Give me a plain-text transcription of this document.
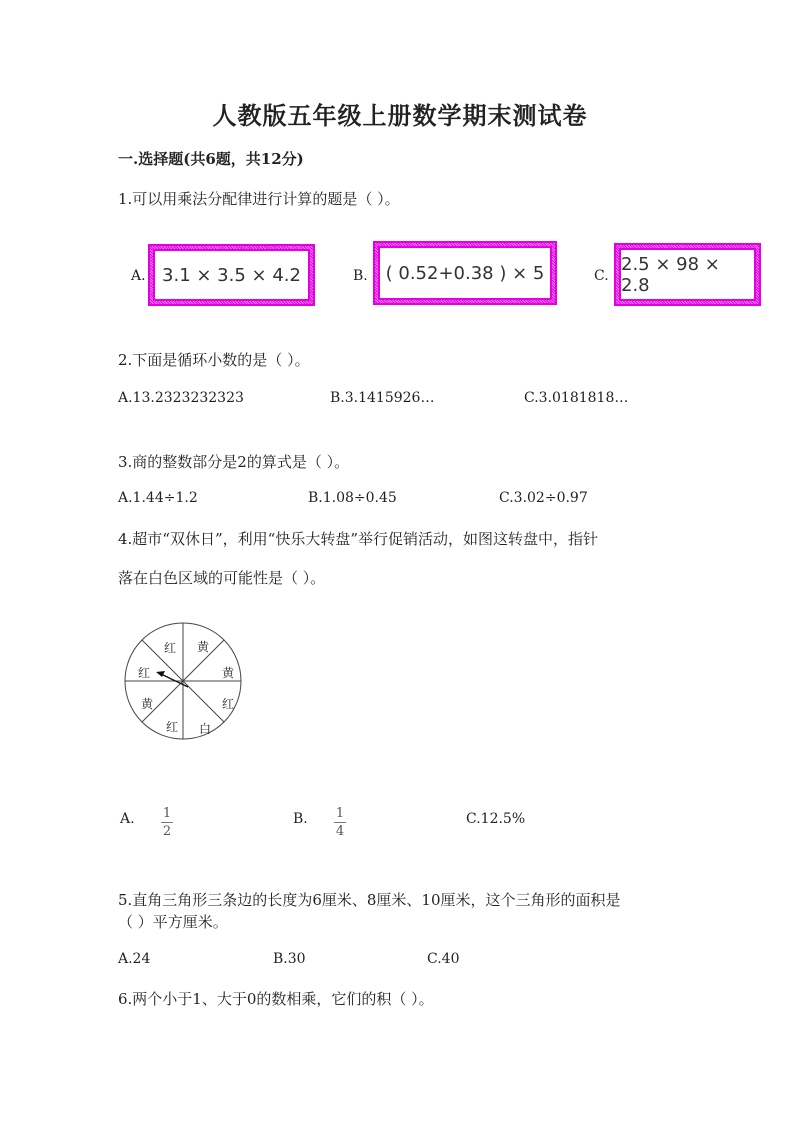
人教版五年级上册数学期末测试卷
一.选择题(共6题，共12分)
1.可以用乘法分配律进行计算的题是（ ）。
A. 3.1 × 3.5 × 4.2	B. ( 0.52+0.38 ) × 5	C.
2.5 × 98 × 2.8
2.下面是循环小数的是（ ）。
A.13.2323232323	B.3.1415926…	C.3.0181818…
3.商的整数部分是2的算式是（ ）。
A.1.44÷1.2	B.1.08÷0.45	C.3.02÷0.97
4.超市“双休日”，利用“快乐大转盘”举行促销活动，如图这转盘中，指针
落在白色区域的可能性是（ ）。
黄
黄
红
白
红
黄
红
红
A. 1
2
B. 1
4
C.12.5%
5.直角三角形三条边的长度为6厘米、8厘米、10厘米，这个三角形的面积是
（ ）平方厘米。
A.24	B.30	C.40
6.两个小于1、大于0的数相乘，它们的积（ ）。
